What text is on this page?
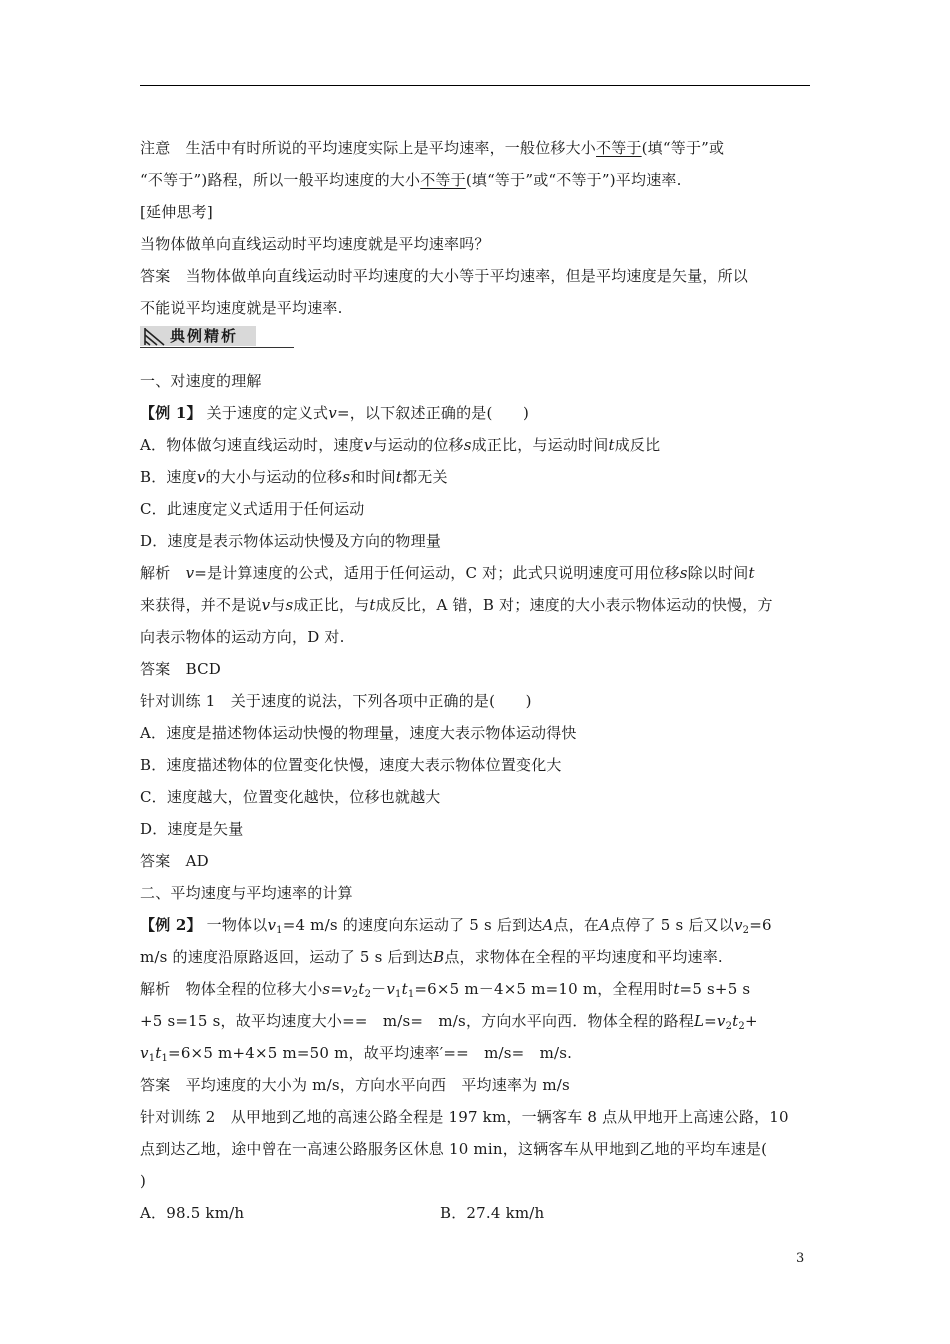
注意　生活中有时所说的平均速度实际上是平均速率，一般位移大小不等于(填“等于”或
“不等于”)路程，所以一般平均速度的大小不等于(填“等于”或“不等于”)平均速率.
[延伸思考]
当物体做单向直线运动时平均速度就是平均速率吗？
答案　当物体做单向直线运动时平均速度的大小等于平均速率，但是平均速度是矢量，所以
不能说平均速度就是平均速率.
典例精析
一、对速度的理解
【例 1】 关于速度的定义式v=，以下叙述正确的是(　　)
A．物体做匀速直线运动时，速度v与运动的位移s成正比，与运动时间t成反比
B．速度v的大小与运动的位移s和时间t都无关
C．此速度定义式适用于任何运动
D．速度是表示物体运动快慢及方向的物理量
解析　v=是计算速度的公式，适用于任何运动，C 对；此式只说明速度可用位移s除以时间t
来获得，并不是说v与s成正比，与t成反比，A 错，B 对；速度的大小表示物体运动的快慢，方
向表示物体的运动方向，D 对.
答案　BCD
针对训练 1　关于速度的说法，下列各项中正确的是(　　)
A．速度是描述物体运动快慢的物理量，速度大表示物体运动得快
B．速度描述物体的位置变化快慢，速度大表示物体位置变化大
C．速度越大，位置变化越快，位移也就越大
D．速度是矢量
答案　AD
二、平均速度与平均速率的计算
【例 2】 一物体以$v_1=4$ m/s 的速度向东运动了 5 s 后到达A点，在A点停了 5 s 后又以$v_2=6$
m/s 的速度沿原路返回，运动了 5 s 后到达B点，求物体在全程的平均速度和平均速率.
解析　物体全程的位移大小$s=v_2t_2-v_1t_1=6\times 5$ m－4×5 m=10 m，全程用时t=5 s+5 s
+5 s=15 s，故平均速度大小==　m/s=　m/s，方向水平向西．物体全程的路程$L=v_2t_2+$
$v_1t_1=6\times 5$ m+4×5 m=50 m，故平均速率′==　m/s=　m/s.
答案　平均速度的大小为 m/s，方向水平向西　平均速率为 m/s
针对训练 2　从甲地到乙地的高速公路全程是 197 km，一辆客车 8 点从甲地开上高速公路，10
点到达乙地，途中曾在一高速公路服务区休息 10 min，这辆客车从甲地到乙地的平均车速是(
)
A．98.5 km/h	B．27.4 km/h
3
